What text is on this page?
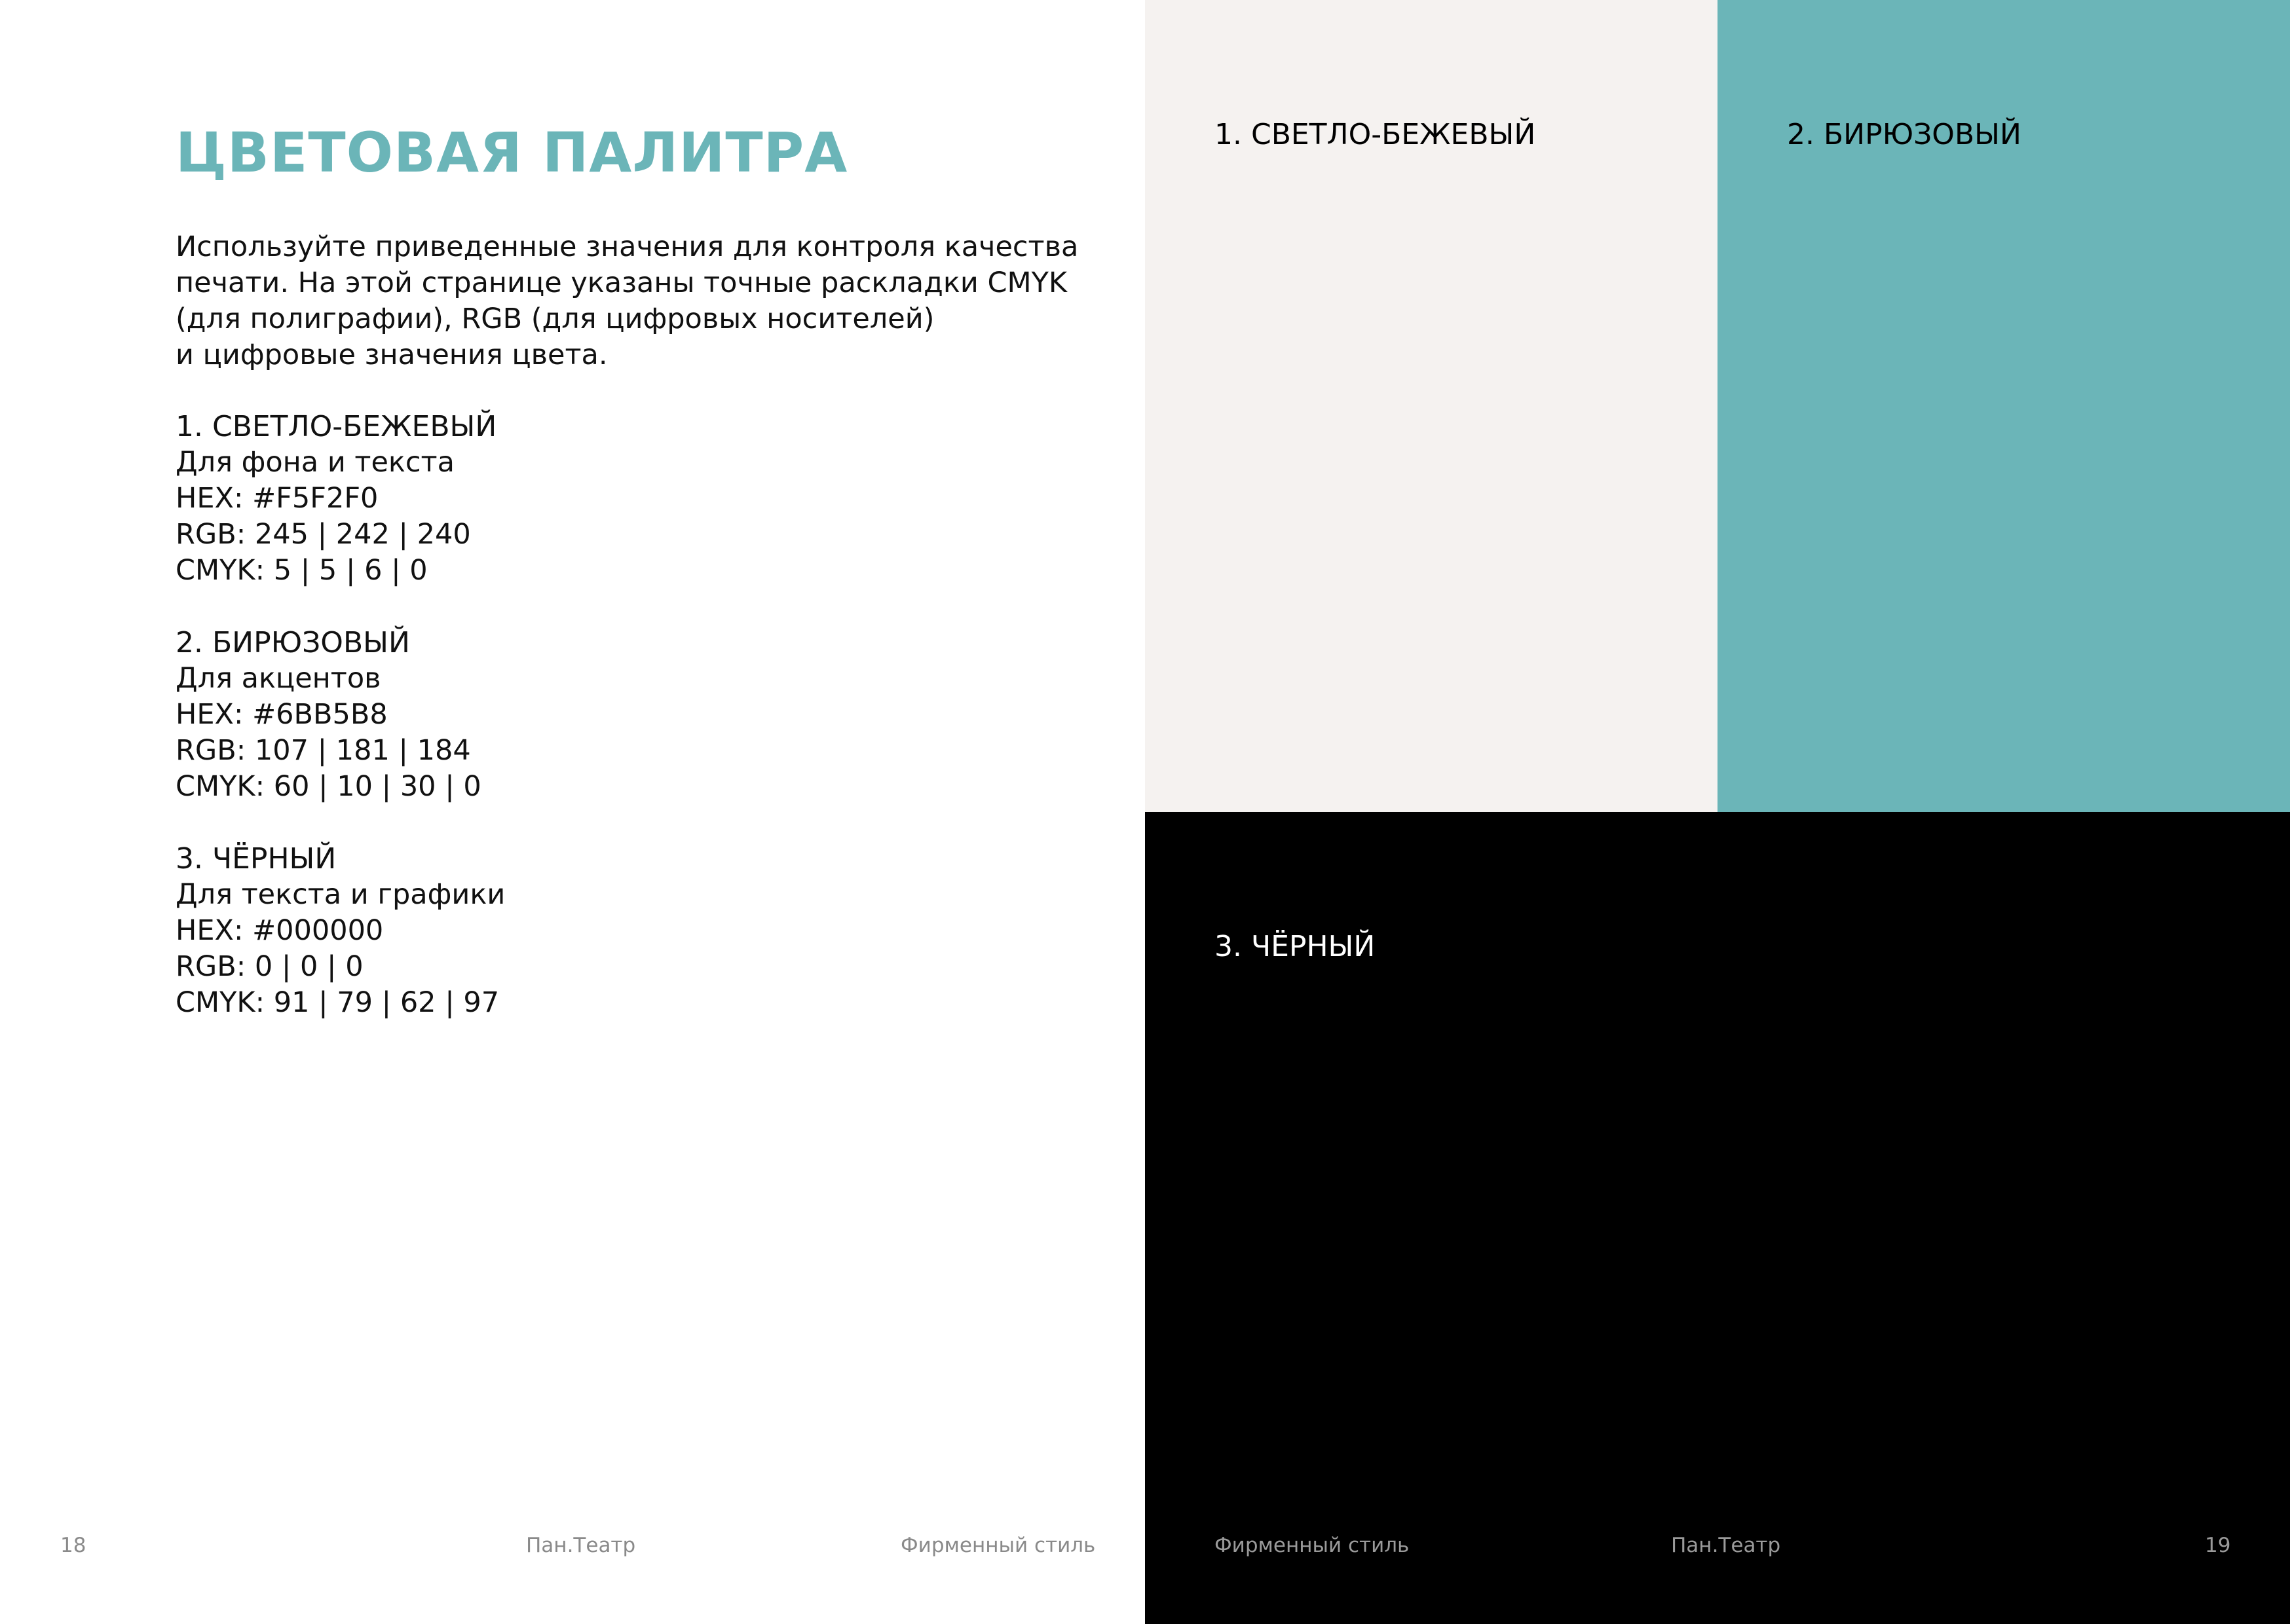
ЦВЕТОВАЯ ПАЛИТРА

Используйте приведенные значения для контроля качества
печати. На этой странице указаны точные раскладки CMYK
(для полиграфии), RGB (для цифровых носителей)
и цифровые значения цвета.

1. СВЕТЛО-БЕЖЕВЫЙ
Для фона и текста
HEX: #F5F2F0
RGB: 245 | 242 | 240
CMYK: 5 | 5 | 6 | 0
2. БИРЮЗОВЫЙ
Для акцентов
HEX: #6BB5B8
RGB: 107 | 181 | 184
CMYK: 60 | 10 | 30 | 0
3. ЧЁРНЫЙ
Для текста и графики
HEX: #000000
RGB: 0 | 0 | 0
CMYK: 91 | 79 | 62 | 97
18	Пан.Театр	Фирменный стиль
1. СВЕТЛО-БЕЖЕВЫЙ	2. БИРЮЗОВЫЙ
3. ЧЁРНЫЙ
Фирменный стиль	Пан.Театр	19
